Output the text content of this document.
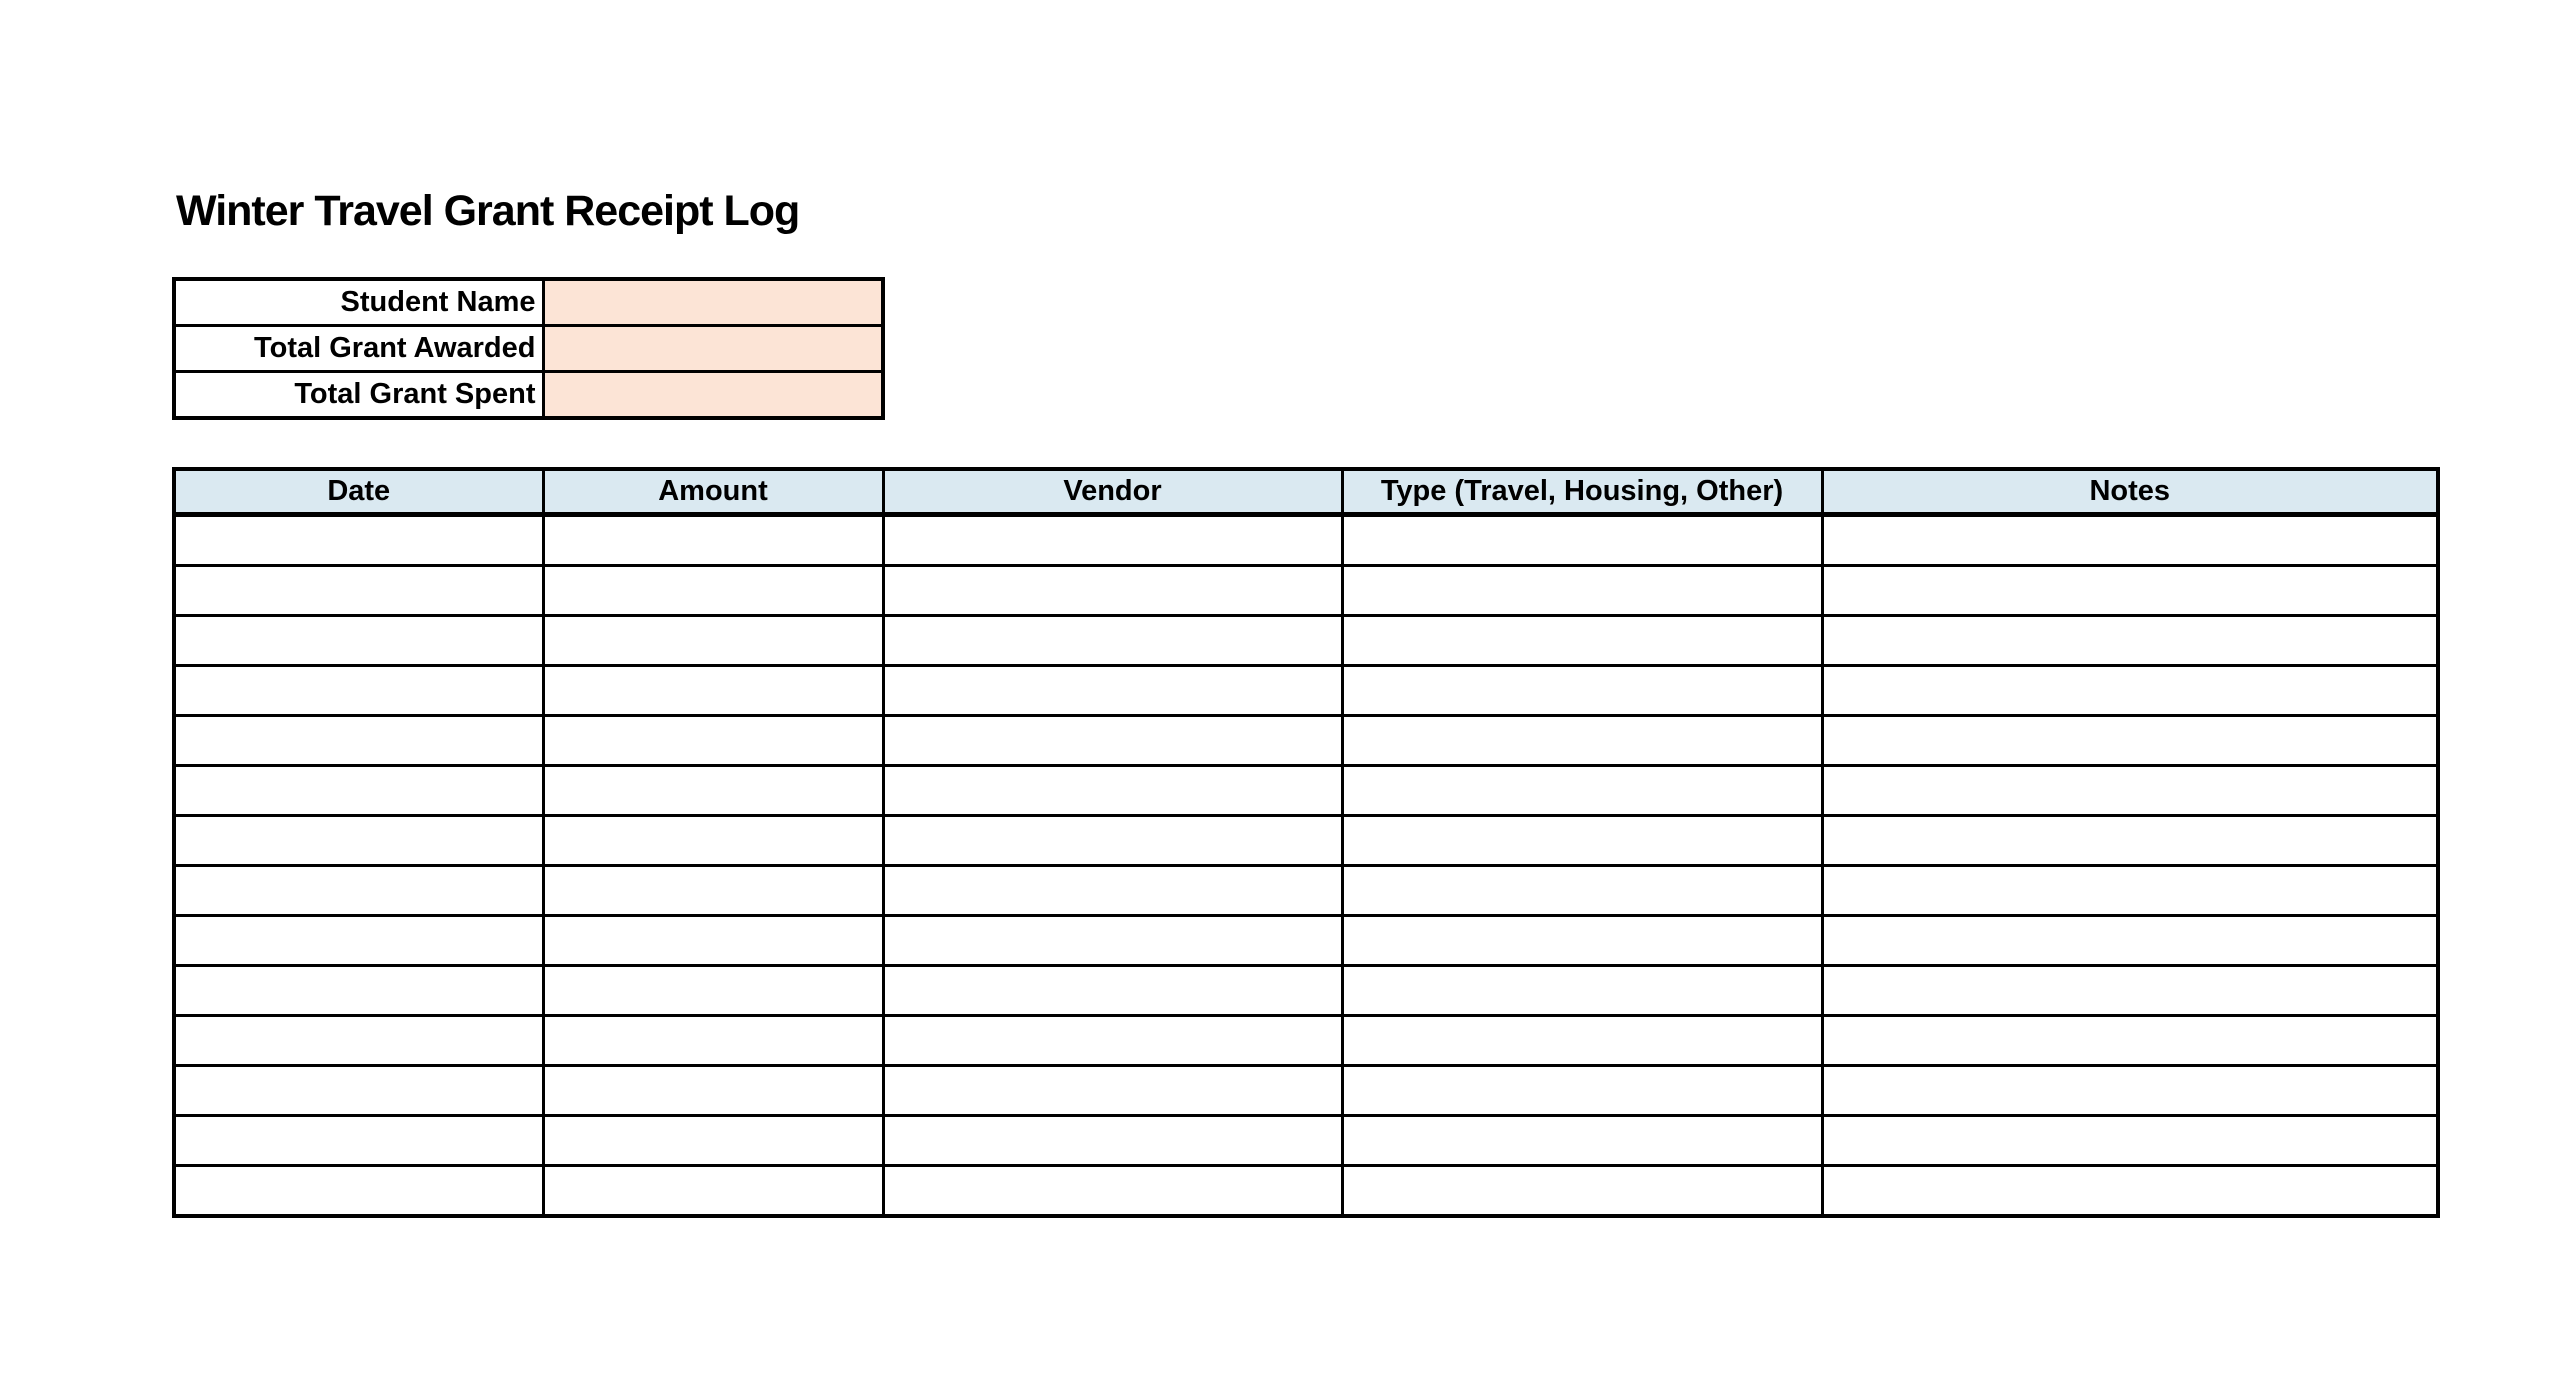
Winter Travel Grant Receipt Log
Student Name	
Total Grant Awarded	
Total Grant Spent	
Date	Amount	Vendor	Type (Travel, Housing, Other)	Notes
